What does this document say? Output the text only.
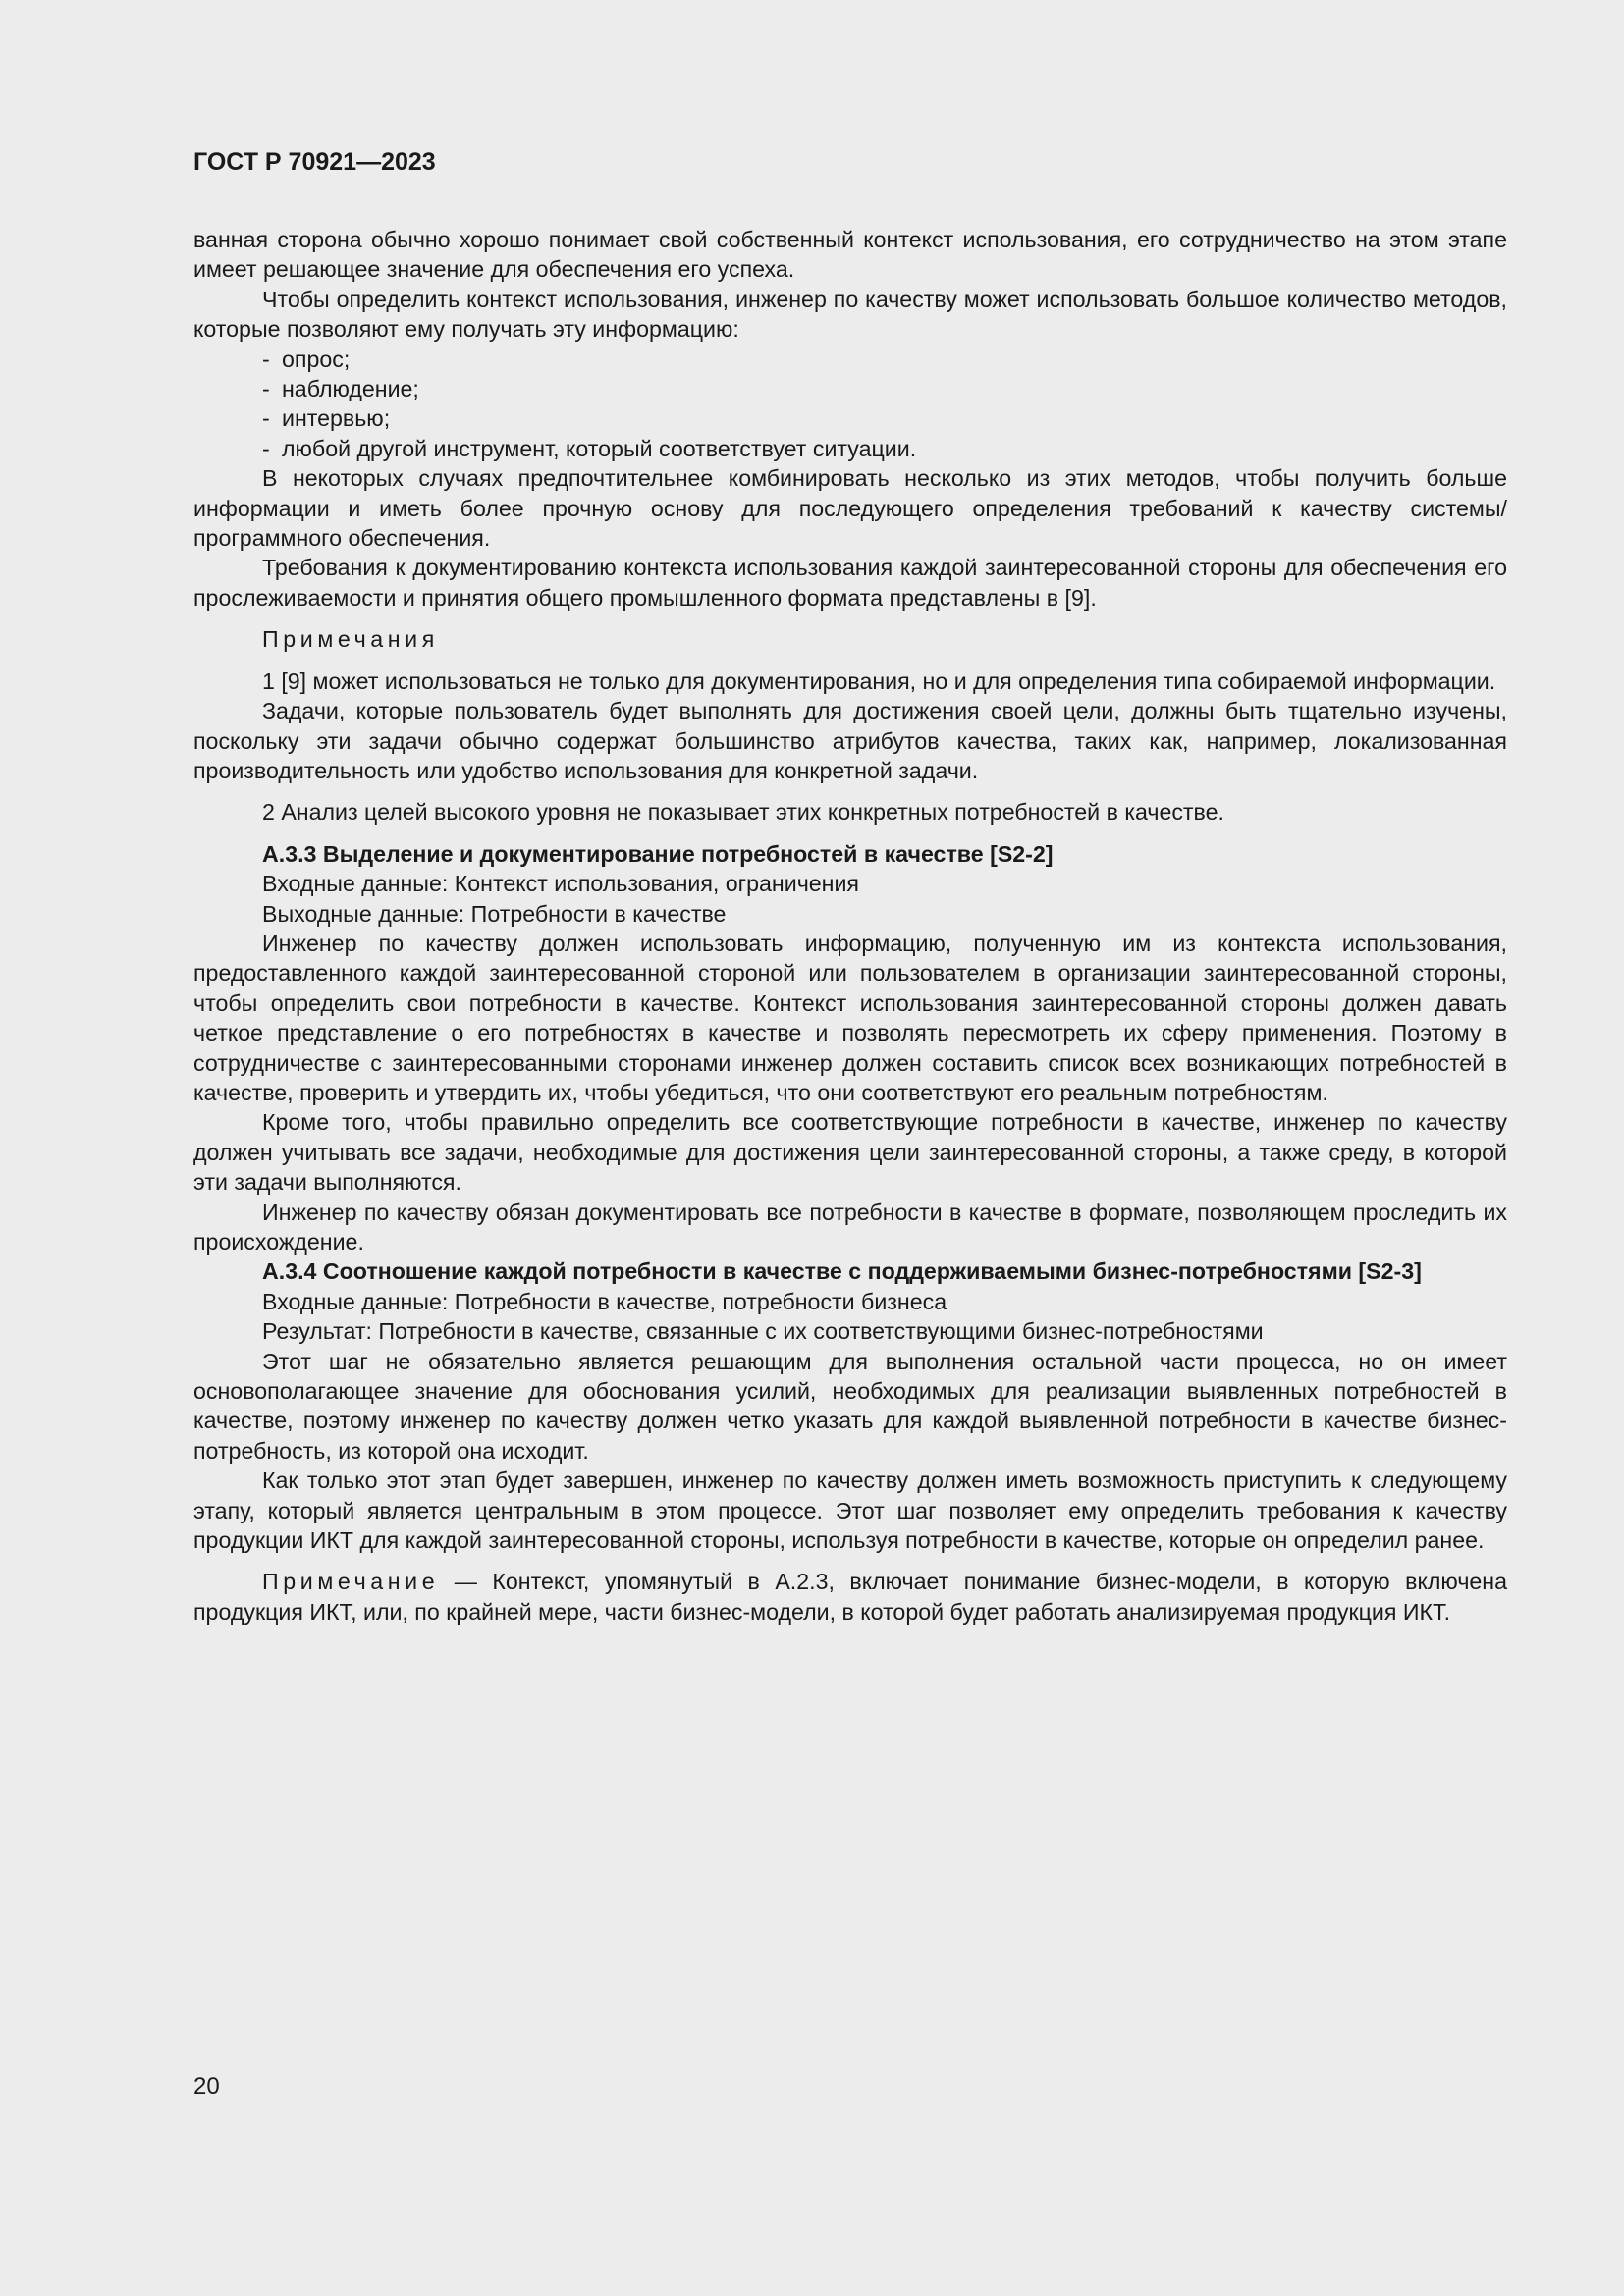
ГОСТ Р 70921—2023

ванная сторона обычно хорошо понимает свой собственный контекст использования, его сотрудничество на этом этапе имеет решающее значение для обеспечения его успеха.

Чтобы определить контекст использования, инженер по качеству может использовать большое количество методов, которые позволяют ему получать эту информацию:

- опрос;
- наблюдение;
- интервью;
- любой другой инструмент, который соответствует ситуации.

В некоторых случаях предпочтительнее комбинировать несколько из этих методов, чтобы получить больше информации и иметь более прочную основу для последующего определения требований к качеству системы/программного обеспечения.

Требования к документированию контекста использования каждой заинтересованной стороны для обеспечения его прослеживаемости и принятия общего промышленного формата представлены в [9].

Примечания

1 [9] может использоваться не только для документирования, но и для определения типа собираемой информации.

Задачи, которые пользователь будет выполнять для достижения своей цели, должны быть тщательно изучены, поскольку эти задачи обычно содержат большинство атрибутов качества, таких как, например, локализованная производительность или удобство использования для конкретной задачи.

2 Анализ целей высокого уровня не показывает этих конкретных потребностей в качестве.

А.3.3 Выделение и документирование потребностей в качестве [S2-2]

Входные данные: Контекст использования, ограничения

Выходные данные: Потребности в качестве

Инженер по качеству должен использовать информацию, полученную им из контекста использования, предоставленного каждой заинтересованной стороной или пользователем в организации заинтересованной стороны, чтобы определить свои потребности в качестве. Контекст использования заинтересованной стороны должен давать четкое представление о его потребностях в качестве и позволять пересмотреть их сферу применения. Поэтому в сотрудничестве с заинтересованными сторонами инженер должен составить список всех возникающих потребностей в качестве, проверить и утвердить их, чтобы убедиться, что они соответствуют его реальным потребностям.

Кроме того, чтобы правильно определить все соответствующие потребности в качестве, инженер по качеству должен учитывать все задачи, необходимые для достижения цели заинтересованной стороны, а также среду, в которой эти задачи выполняются.

Инженер по качеству обязан документировать все потребности в качестве в формате, позволяющем проследить их происхождение.

А.3.4 Соотношение каждой потребности в качестве с поддерживаемыми бизнес-потребностями [S2-3]

Входные данные: Потребности в качестве, потребности бизнеса

Результат: Потребности в качестве, связанные с их соответствующими бизнес-потребностями

Этот шаг не обязательно является решающим для выполнения остальной части процесса, но он имеет основополагающее значение для обоснования усилий, необходимых для реализации выявленных потребностей в качестве, поэтому инженер по качеству должен четко указать для каждой выявленной потребности в качестве бизнес-потребность, из которой она исходит.

Как только этот этап будет завершен, инженер по качеству должен иметь возможность приступить к следующему этапу, который является центральным в этом процессе. Этот шаг позволяет ему определить требования к качеству продукции ИКТ для каждой заинтересованной стороны, используя потребности в качестве, которые он определил ранее.

Примечание — Контекст, упомянутый в А.2.3, включает понимание бизнес-модели, в которую включена продукция ИКТ, или, по крайней мере, части бизнес-модели, в которой будет работать анализируемая продукция ИКТ.

20
